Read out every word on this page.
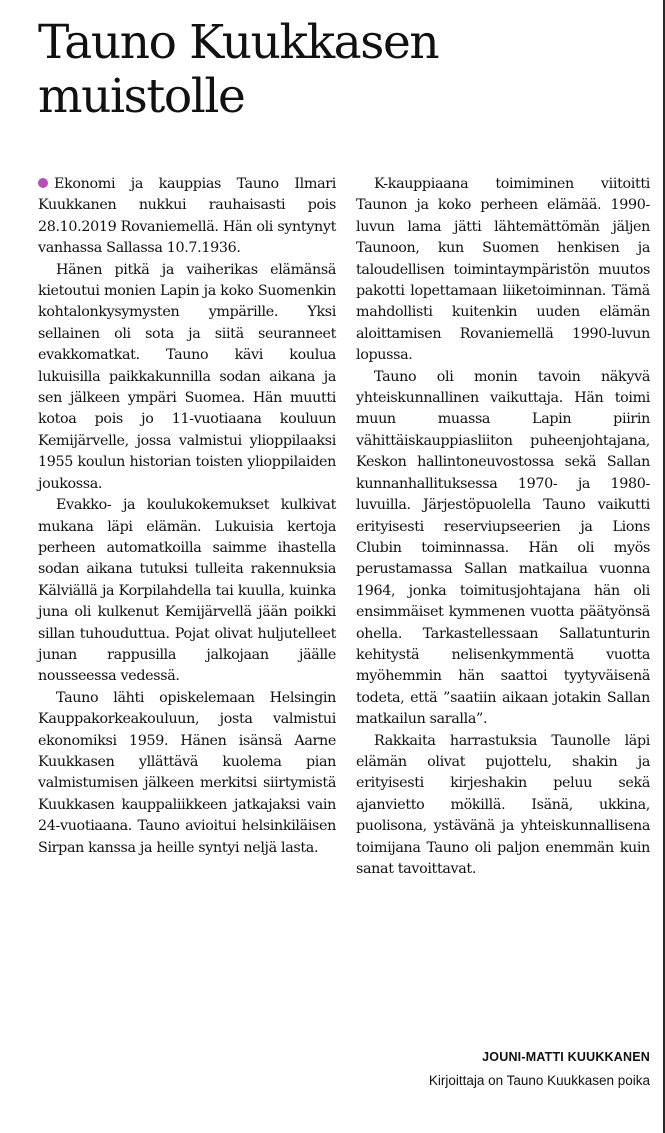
Tauno Kuukkasen muistolle

Ekonomi ja kauppias Tauno Ilmari Kuukkanen nukkui rauhaisasti pois 28.10.2019 Rovaniemellä. Hän oli syntynyt vanhassa Sallassa 10.7.1936.

Hänen pitkä ja vaiherikas elämänsä kietoutui monien Lapin ja koko Suomenkin kohtalonkysymysten ympärille. Yksi sellainen oli sota ja siitä seuranneet evakkomatkat. Tauno kävi koulua lukuisilla paikkakunnilla sodan aikana ja sen jälkeen ympäri Suomea. Hän muutti kotoa pois jo 11-vuotiaana kouluun Kemijärvelle, jossa valmistui ylioppilaaksi 1955 koulun historian toisten ylioppilaiden joukossa.

Evakko- ja koulukokemukset kulkivat mukana läpi elämän. Lukuisia kertoja perheen automatkoilla saimme ihastella sodan aikana tutuksi tulleita rakennuksia Kälviällä ja Korpilahdella tai kuulla, kuinka juna oli kulkenut Kemijärvellä jään poikki sillan tuhouduttua. Pojat olivat huljutelleet junan rappusilla jalkojaan jäälle nousseessa vedessä.

Tauno lähti opiskelemaan Helsingin Kauppakorkeakouluun, josta valmistui ekonomiksi 1959. Hänen isänsä Aarne Kuukkasen yllättävä kuolema pian valmistumisen jälkeen merkitsi siirtymistä Kuukkasen kauppaliikkeen jatkajaksi vain 24-vuotiaana. Tauno avioitui helsinkiläisen Sirpan kanssa ja heille syntyi neljä lasta.

K-kauppiaana toimiminen viitoitti Taunon ja koko perheen elämää. 1990-luvun lama jätti lähtemättömän jäljen Taunoon, kun Suomen henkisen ja taloudellisen toimintaympäristön muutos pakotti lopettamaan liiketoiminnan. Tämä mahdollisti kuitenkin uuden elämän aloittamisen Rovaniemellä 1990-luvun lopussa.

Tauno oli monin tavoin näkyvä yhteiskunnallinen vaikuttaja. Hän toimi muun muassa Lapin piirin vähittäiskauppiasliiton puheenjohtajana, Keskon hallintoneuvostossa sekä Sallan kunnanhallituksessa 1970- ja 1980-luvuilla. Järjestöpuolella Tauno vaikutti erityisesti reserviupseerien ja Lions Clubin toiminnassa. Hän oli myös perustamassa Sallan matkailua vuonna 1964, jonka toimitusjohtajana hän oli ensimmäiset kymmenen vuotta päätyönsä ohella. Tarkastellessaan Sallatunturin kehitystä nelisenkymmentä vuotta myöhemmin hän saattoi tyytyväisenä todeta, että ”saatiin aikaan jotakin Sallan matkailun saralla”.

Rakkaita harrastuksia Taunolle läpi elämän olivat pujottelu, shakin ja erityisesti kirjeshakin peluu sekä ajanvietto mökillä. Isänä, ukkina, puolisona, ystävänä ja yhteiskunnallisena toimijana Tauno oli paljon enemmän kuin sanat tavoittavat.

JOUNI-MATTI KUUKKANEN
Kirjoittaja on Tauno Kuukkasen poika
